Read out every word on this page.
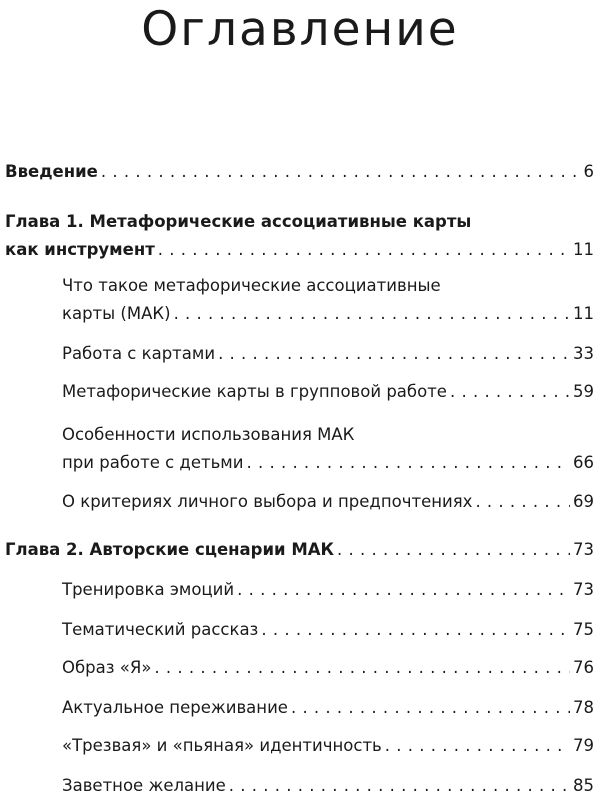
Оглавление
Введение . . .	6
Глава 1. Метафорические ассоциативные карты
как инструмент . . .	11
Что такое метафорические ассоциативные
карты (МАК) . . .	11
Работа с картами . . .	33
Метафорические карты в групповой работе . . .	59
Особенности использования МАК
при работе с детьми . . .	66
О критериях личного выбора и предпочтениях . . .	69
Глава 2. Авторские сценарии МАК . . .	73
Тренировка эмоций . . .	73
Тематический рассказ . . .	75
Образ «Я» . . .	76
Актуальное переживание . . .	78
«Трезвая» и «пьяная» идентичность . . .	79
Заветное желание . . .	85
